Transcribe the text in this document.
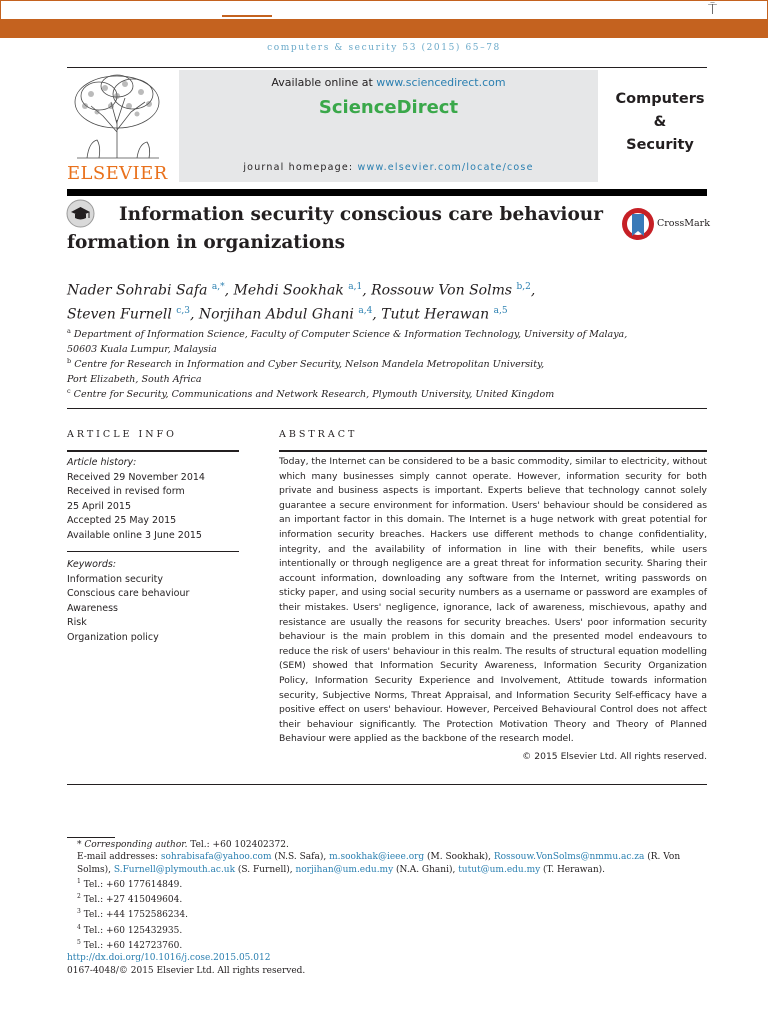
⍑
computers & security 53 (2015) 65–78
ELSEVIER
Available online at www.sciencedirect.com
ScienceDirect
journal homepage: www.elsevier.com/locate/cose
Computers
&
Security
Information security conscious care behaviour formation in organizations
CrossMark
Nader Sohrabi Safa $^{a,*}$, Mehdi Sookhak $^{a,1}$, Rossouw Von Solms $^{b,2}$,
Steven Furnell $^{c,3}$, Norjihan Abdul Ghani $^{a,4}$, Tutut Herawan $^{a,5}$
$^a$ Department of Information Science, Faculty of Computer Science & Information Technology, University of Malaya,
50603 Kuala Lumpur, Malaysia
$^b$ Centre for Research in Information and Cyber Security, Nelson Mandela Metropolitan University,
Port Elizabeth, South Africa
$^c$ Centre for Security, Communications and Network Research, Plymouth University, United Kingdom
ARTICLE INFO	ABSTRACT
Article history:
Received 29 November 2014
Received in revised form
25 April 2015
Accepted 25 May 2015
Available online 3 June 2015
Keywords:
Information security
Conscious care behaviour
Awareness
Risk
Organization policy
Today, the Internet can be considered to be a basic commodity, similar to electricity, without which many businesses simply cannot operate. However, information security for both private and business aspects is important. Experts believe that technology cannot solely guarantee a secure environment for information. Users' behaviour should be considered as an important factor in this domain. The Internet is a huge network with great potential for information security breaches. Hackers use different methods to change confidentiality, integrity, and the availability of information in line with their benefits, while users intentionally or through negligence are a great threat for information security. Sharing their account information, downloading any software from the Internet, writing passwords on sticky paper, and using social security numbers as a username or password are examples of their mistakes. Users' negligence, ignorance, lack of awareness, mischievous, apathy and resistance are usually the reasons for security breaches. Users' poor information security behaviour is the main problem in this domain and the presented model endeavours to reduce the risk of users' behaviour in this realm. The results of structural equation modelling (SEM) showed that Information Security Awareness, Information Security Organization Policy, Information Security Experience and Involvement, Attitude towards information security, Subjective Norms, Threat Appraisal, and Information Security Self-efficacy have a positive effect on users' behaviour. However, Perceived Behavioural Control does not affect their behaviour significantly. The Protection Motivation Theory and Theory of Planned Behaviour were applied as the backbone of the research model.
© 2015 Elsevier Ltd. All rights reserved.
* Corresponding author. Tel.: +60 102402372.
E-mail addresses: sohrabisafa@yahoo.com (N.S. Safa), m.sookhak@ieee.org (M. Sookhak), Rossouw.VonSolms@nmmu.ac.za (R. Von Solms), S.Furnell@plymouth.ac.uk (S. Furnell), norjihan@um.edu.my (N.A. Ghani), tutut@um.edu.my (T. Herawan).
$^1$ Tel.: +60 177614849.
$^2$ Tel.: +27 415049604.
$^3$ Tel.: +44 1752586234.
$^4$ Tel.: +60 125432935.
$^5$ Tel.: +60 142723760.
http://dx.doi.org/10.1016/j.cose.2015.05.012
0167-4048/© 2015 Elsevier Ltd. All rights reserved.
